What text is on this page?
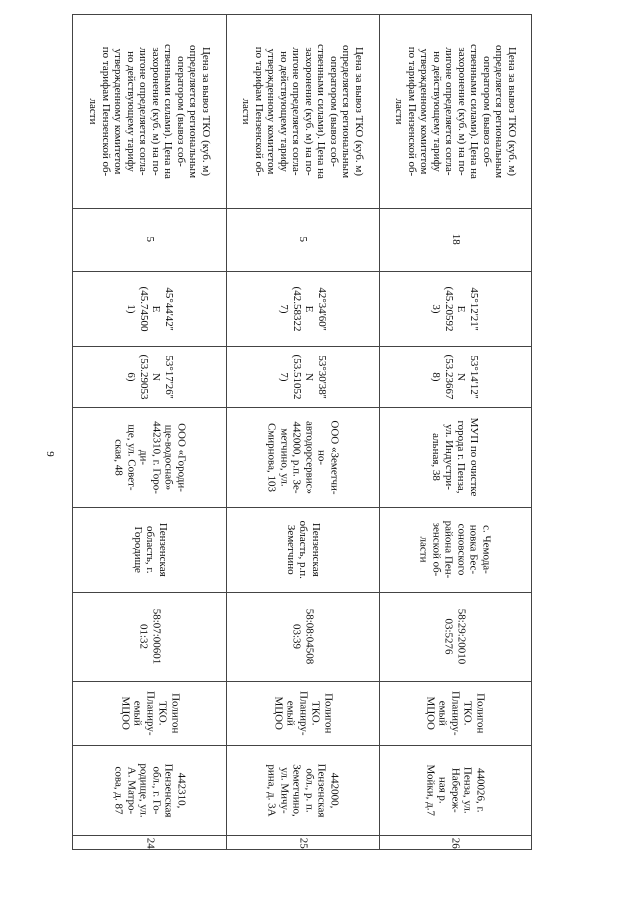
9
Цена за вывоз ТКО (куб. м)
определяется региональным
оператором (вывоз соб-
ственными силами). Цена на
захоронение (куб. м) на по-
лигоне определяется согла-
но действующему тарифу
утвержденному комитетом
по тарифам Пензенской об-
ласти
5
45°44'42''
E
(45.74500
1)
53°17'26''
N
(53.29053
6)
ООО «Городи-
ще-водоснаб»
442310, г. Горо-
ди-
ще, ул. Совет-
ская, 48
Пензенская
область, г.
Городище
58:07:00601
01:32
Полигон
ТКО.
Планиру-
емый
МЦОО
442310,
Пензенская
обл., г. Го-
родище, ул.
А. Матро-
сова, д. 87
24
Цена за вывоз ТКО (куб. м)
определяется региональным
оператором (вывоз соб-
ственными силами). Цена на
захоронение (куб. м) на по-
лигоне определяется согла-
но действующему тарифу
утвержденному комитетом
по тарифам Пензенской об-
ласти
5
42°34'60''
E
(42.58322
7)
53°30'38''
N
(53.51052
7)
ООО «Земетчи-
но-
автодорсервис»
442000, р.п. Зе-
метчино, ул.
Смирнова, 103
Пензенская
область, р.п.
Земетчино
58:08:04508
03:39
Полигон
ТКО.
Планиру-
емый
МЦОО
442000,
Пензенская
обл., р. п.
Земетчино,
ул. Мичу-
рина, д. 3А
25
Цена за вывоз ТКО (куб. м)
определяется региональным
оператором (вывоз соб-
ственными силами). Цена на
захоронение (куб. м) на по-
лигоне определяется согла-
но действующему тарифу
утвержденному комитетом
по тарифам Пензенской об-
ласти
18
45°12'21''
E
(45.20592
3)
53°14'12''
N
(53.23667
8)
МУП по очистке
города г. Пенза,
ул. Индустри-
альная, 38
с. Чемода-
новка Бес-
соновского
района Пен-
зенской об-
ласти
58:29:20010
03:5276
Полигон
ТКО.
Планиру-
емый
МЦОО
440026, г.
Пенза, ул.
Набереж-
ная р.
Мойки, д.7
26
